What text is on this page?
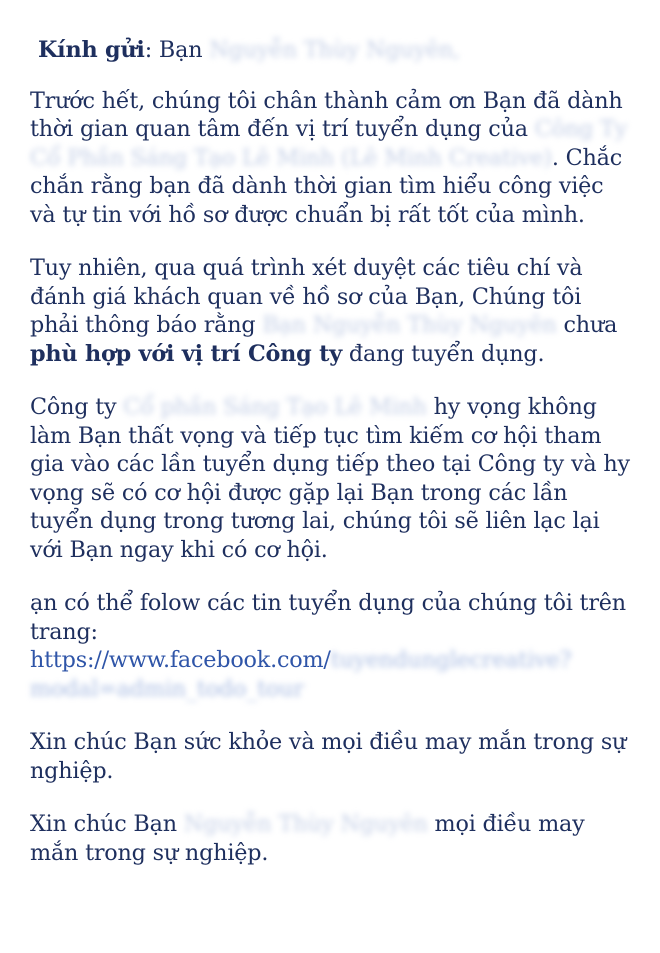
Kính gửi: Bạn Nguyễn Thùy Nguyên,

Trước hết, chúng tôi chân thành cảm ơn Bạn đã dành thời gian quan tâm đến vị trí tuyển dụng của Công Ty Cổ Phần Sáng Tạo Lê Minh (Lê Minh Creative). Chắc chắn rằng bạn đã dành thời gian tìm hiểu công việc và tự tin với hồ sơ được chuẩn bị rất tốt của mình.

Tuy nhiên, qua quá trình xét duyệt các tiêu chí và đánh giá khách quan về hồ sơ của Bạn, Chúng tôi phải thông báo rằng Bạn Nguyễn Thùy Nguyên chưa phù hợp với vị trí Công ty đang tuyển dụng.

Công ty Cổ phần Sáng Tạo Lê Minh hy vọng không làm Bạn thất vọng và tiếp tục tìm kiếm cơ hội tham gia vào các lần tuyển dụng tiếp theo tại Công ty và hy vọng sẽ có cơ hội được gặp lại Bạn trong các lần tuyển dụng trong tương lai, chúng tôi sẽ liên lạc lại với Bạn ngay khi có cơ hội.

ạn có thể folow các tin tuyển dụng của chúng tôi trên trang: https://www.facebook.com/tuyendunglecreative?modal=admin_todo_tour

Xin chúc Bạn sức khỏe và mọi điều may mắn trong sự nghiệp.

Xin chúc Bạn Nguyễn Thùy Nguyên mọi điều may mắn trong sự nghiệp.
